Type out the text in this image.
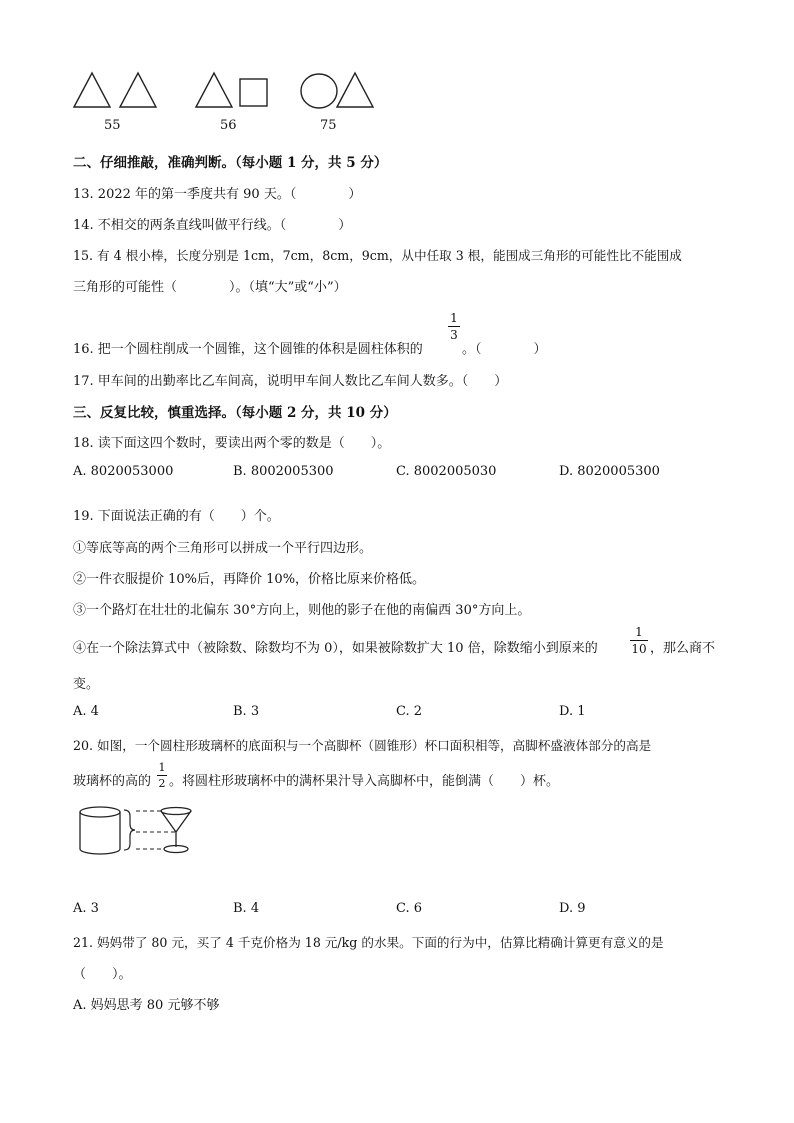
55	56	75
二、仔细推敲，准确判断。（每小题 1 分，共 5 分）
13. 2022 年的第一季度共有 90 天。（　　　　）
14. 不相交的两条直线叫做平行线。（　　　　）
15. 有 4 根小棒，长度分别是 1cm，7cm，8cm，9cm，从中任取 3 根，能围成三角形的可能性比不能围成
三角形的可能性（　　　　）。（填“大”或“小”）
16. 把一个圆柱削成一个圆锥，这个圆锥的体积是圆柱体积的
1
3
。（　　　　）
17. 甲车间的出勤率比乙车间高，说明甲车间人数比乙车间人数多。（　　）
三、反复比较，慎重选择。（每小题 2 分，共 10 分）
18. 读下面这四个数时，要读出两个零的数是（　　）。
A. 8020053000	B. 8002005300	C. 8002005030	D. 8020005300
19. 下面说法正确的有（　　）个。
①等底等高的两个三角形可以拼成一个平行四边形。
②一件衣服提价 10%后，再降价 10%，价格比原来价格低。
③一个路灯在壮壮的北偏东 30°方向上，则他的影子在他的南偏西 30°方向上。
④在一个除法算式中（被除数、除数均不为 0），如果被除数扩大 10 倍，除数缩小到原来的
1
10 ，那么商不
变。
A. 4	B. 3	C. 2	D. 1
20. 如图，一个圆柱形玻璃杯的底面积与一个高脚杯（圆锥形）杯口面积相等，高脚杯盛液体部分的高是
玻璃杯的高的
1
2 。将圆柱形玻璃杯中的满杯果汁导入高脚杯中，能倒满（　　）杯。
A. 3	B. 4	C. 6	D. 9
21. 妈妈带了 80 元，买了 4 千克价格为 18 元/kg 的水果。下面的行为中，估算比精确计算更有意义的是
（　　）。
A. 妈妈思考 80 元够不够
